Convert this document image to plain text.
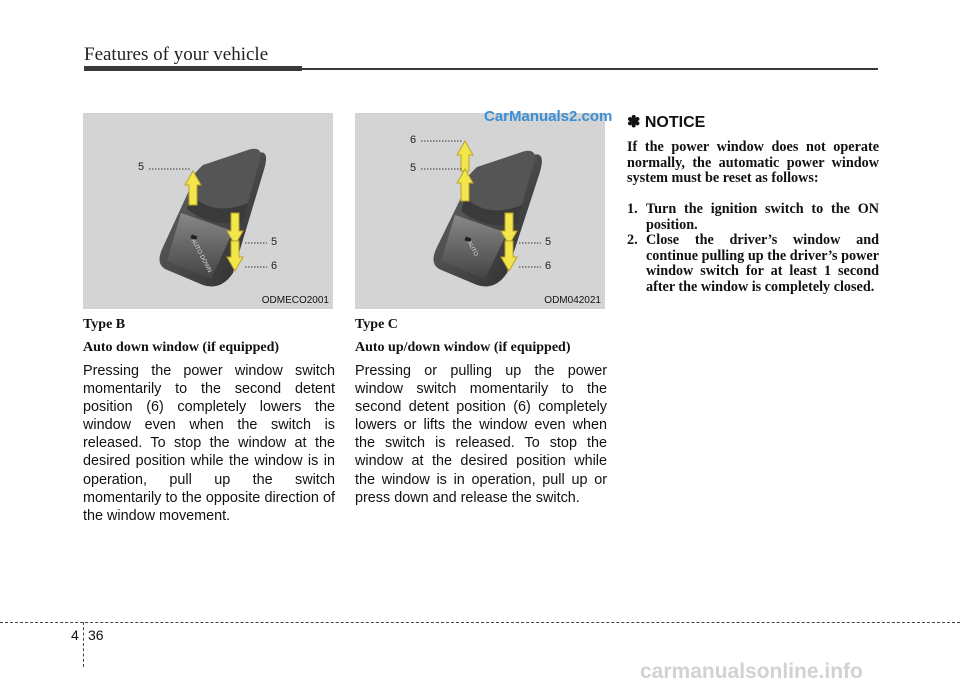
Features of your vehicle
AUTO DOWN
5
5
6
ODMECO2001
AUTO
6
5
5
6
ODM042021
CarManuals2.com
Type B
Auto down window (if equipped)
Pressing the power window switch momentarily to the second detent position (6) completely lowers the window even when the switch is released. To stop the window at the desired position while the window is in operation, pull up the switch momentarily to the opposite direction of the window movement.
Type C
Auto up/down window (if equipped)
Pressing or pulling up the power window switch momentarily to the second detent position (6) completely lowers or lifts the window even when the switch is released. To stop the window at the desired position while the window is in operation, pull up or press down and release the switch.
✽ NOTICE
If the power window does not operate normally, the automatic power window system must be reset as follows:
1. Turn the ignition switch to the ON position.
2. Close the driver’s window and continue pulling up the driver’s power window switch for at least 1 second after the window is completely closed.
4 36
carmanualsonline.info
